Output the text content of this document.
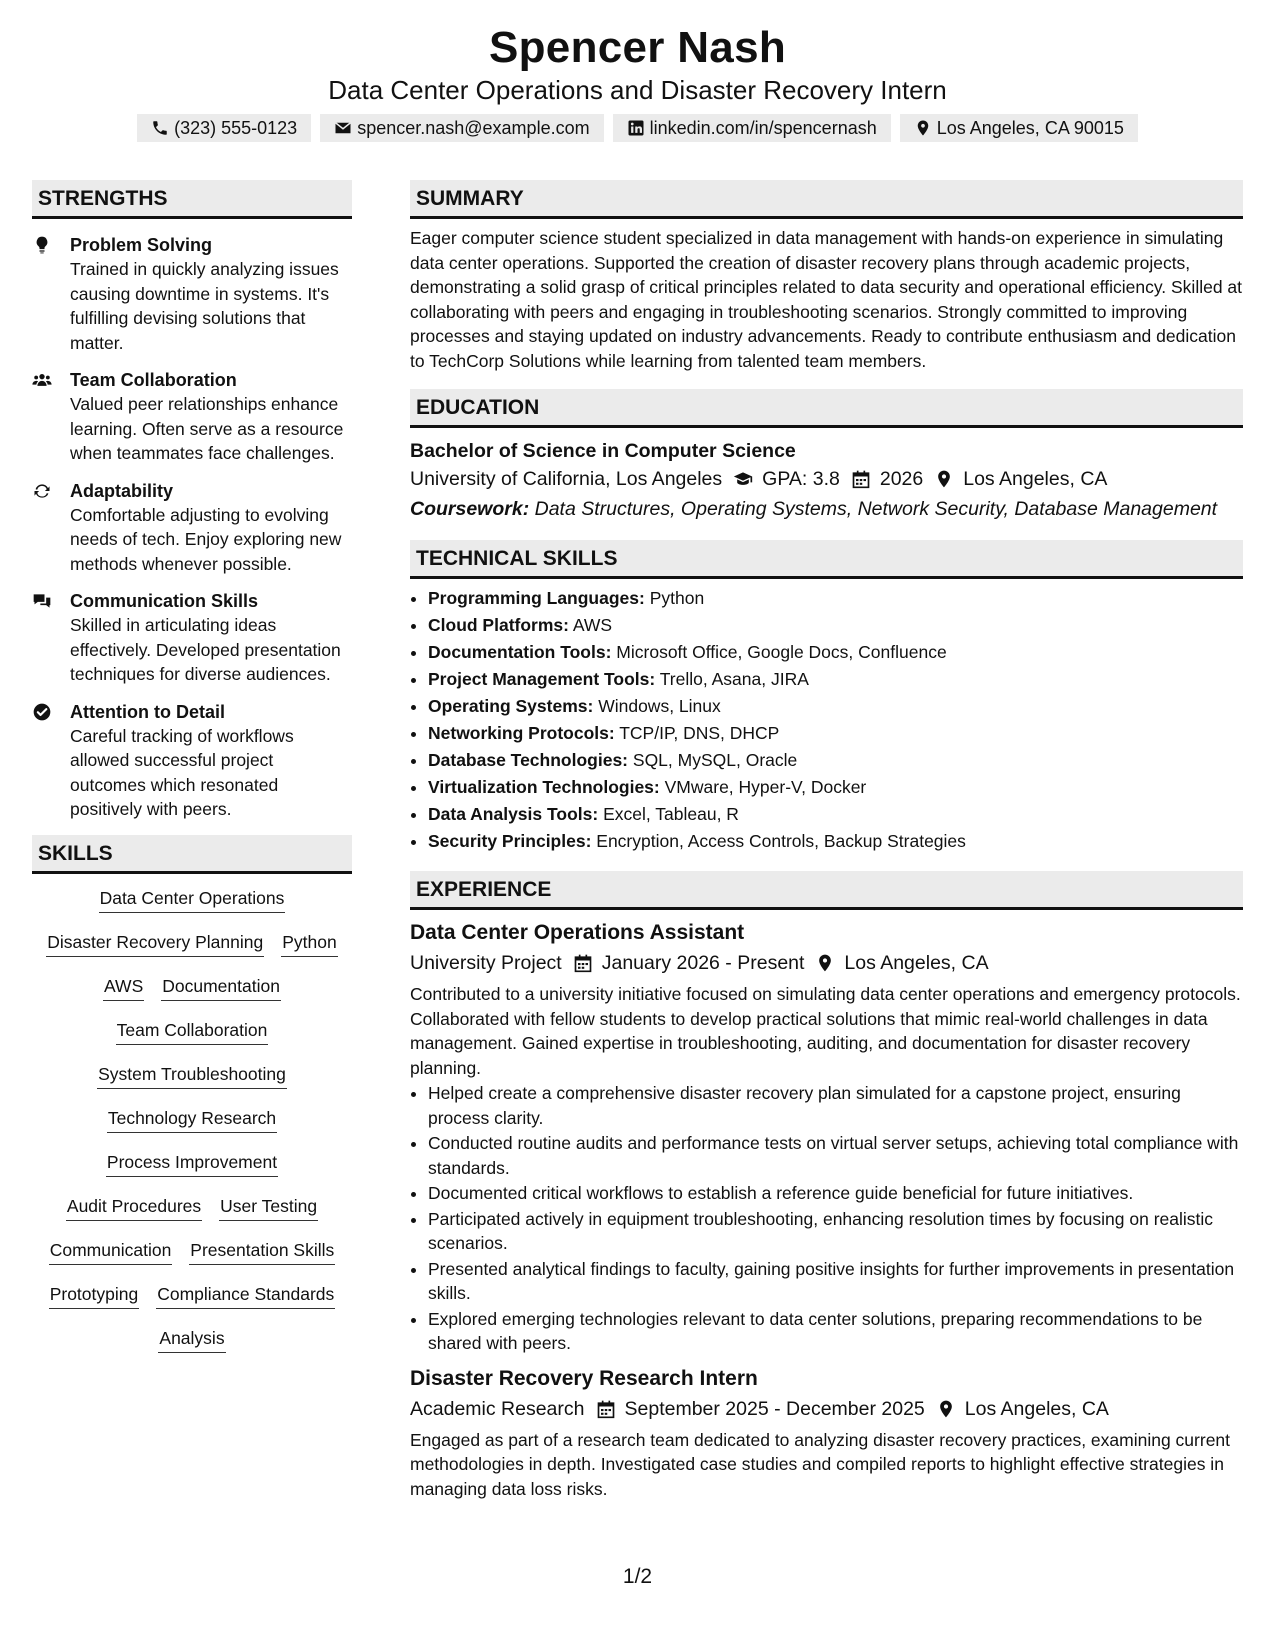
Spencer Nash
Data Center Operations and Disaster Recovery Intern
(323) 555-0123	spencer.nash@example.com	linkedin.com/in/spencernash	Los Angeles, CA 90015
STRENGTHS
Problem Solving
Trained in quickly analyzing issues causing downtime in systems. It's fulfilling devising solutions that matter.
Team Collaboration
Valued peer relationships enhance learning. Often serve as a resource when teammates face challenges.
Adaptability
Comfortable adjusting to evolving needs of tech. Enjoy exploring new methods whenever possible.
Communication Skills
Skilled in articulating ideas effectively. Developed presentation techniques for diverse audiences.
Attention to Detail
Careful tracking of workflows allowed successful project outcomes which resonated positively with peers.
SKILLS
Data Center Operations
Disaster Recovery Planning Python
AWS Documentation
Team Collaboration
System Troubleshooting
Technology Research
Process Improvement
Audit Procedures User Testing
Communication Presentation Skills
Prototyping Compliance Standards
Analysis
SUMMARY
Eager computer science student specialized in data management with hands-on experience in simulating data center operations. Supported the creation of disaster recovery plans through academic projects, demonstrating a solid grasp of critical principles related to data security and operational efficiency. Skilled at collaborating with peers and engaging in troubleshooting scenarios. Strongly committed to improving processes and staying updated on industry advancements. Ready to contribute enthusiasm and dedication to TechCorp Solutions while learning from talented team members.
EDUCATION
Bachelor of Science in Computer Science
University of California, Los Angeles GPA: 3.8 2026 Los Angeles, CA
Coursework: Data Structures, Operating Systems, Network Security, Database Management
TECHNICAL SKILLS
• Programming Languages: Python
• Cloud Platforms: AWS
• Documentation Tools: Microsoft Office, Google Docs, Confluence
• Project Management Tools: Trello, Asana, JIRA
• Operating Systems: Windows, Linux
• Networking Protocols: TCP/IP, DNS, DHCP
• Database Technologies: SQL, MySQL, Oracle
• Virtualization Technologies: VMware, Hyper-V, Docker
• Data Analysis Tools: Excel, Tableau, R
• Security Principles: Encryption, Access Controls, Backup Strategies
EXPERIENCE
Data Center Operations Assistant
University Project January 2026 - Present Los Angeles, CA
Contributed to a university initiative focused on simulating data center operations and emergency protocols. Collaborated with fellow students to develop practical solutions that mimic real-world challenges in data management. Gained expertise in troubleshooting, auditing, and documentation for disaster recovery planning.
• Helped create a comprehensive disaster recovery plan simulated for a capstone project, ensuring process clarity.
• Conducted routine audits and performance tests on virtual server setups, achieving total compliance with standards.
• Documented critical workflows to establish a reference guide beneficial for future initiatives.
• Participated actively in equipment troubleshooting, enhancing resolution times by focusing on realistic scenarios.
• Presented analytical findings to faculty, gaining positive insights for further improvements in presentation skills.
• Explored emerging technologies relevant to data center solutions, preparing recommendations to be shared with peers.
Disaster Recovery Research Intern
Academic Research September 2025 - December 2025 Los Angeles, CA
Engaged as part of a research team dedicated to analyzing disaster recovery practices, examining current methodologies in depth. Investigated case studies and compiled reports to highlight effective strategies in managing data loss risks.
1/2
